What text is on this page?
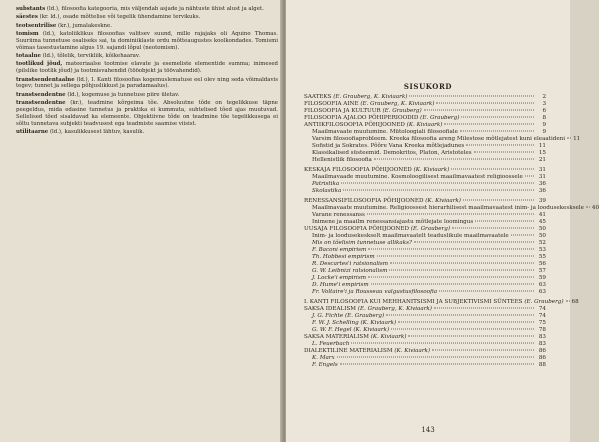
substants (ld.), filosoofia kategooria, mis väljendab asjade ja nähtuste ühist alust ja alget.

säestes (kr. ld.), osade mõttelise või tegelik ühendamine tervikuks.

teotsentrilise (kr.), jumalakeskne.

tomism (ld.), katoliiklikus filosoofias valitsev suund, mille rajajaks oli Aquino Thomas. Suuriima tunnetuse osaliseks sai, ta dominiiklaste ordu mõtteaugustes koolkondades. Tomismi võimas tasestustamine algus 19. sajandi lõpul (neotomism).

totaalne (ld.), tõlelik, tervikliik, kõikehaarav.

tootlikud jõud, mateeriaalse tootmise elavate ja esemeliste elementide summa; inimesed (pilslike tootlik jõud) ja tootmisvahendid (tööobjekt ja töövahendid).

transtsendentaalne (ld.), I. Kanti filosoofias kogemuslematuse eel olev ning seda võimaldavis tegev; tunnet ja sellega põhjuslikkust ja paradamaalus).

transtsendentne (ld.), kogemuse ja tunnetuse piire ületav.

transtsendentne (kr.), teadmine kõrgeima tõe. Absoluutne tõde on tegelikkuse täpne peegeldus, mida edasine tunnetus ja praktika ei kummuta, suhtelised tõed ajas muutuvad. Sellelised tõed sisaldavad ka elemeente. Objektiivne tõde on teadmine tõe tegelikkusega ei sõltu tunnetava subjekti teadvusest ega teadmiste saamise viisist.

utilitaarne (ld.), kasulikkusest lähtuv, kasulik.

SISUKORD
SAATEKS (E. Grauberg, K. Kiviaark)	2
FILOSOOFIA AINE (E. Grauberg, K. Kiviaark)	3
FILOSOOFIA JA KULTUUR (E. Grauberg)	6
FILOSOOFIA AJALOO PÕHIPERIOODID (E. Grauberg)	8
ANTIIKFILOSOOFIA PÕHIJOONED (K. Kiviaark)	9
Maailmavaate muutumine. Mütoloogiali filosoofiale	9
Varsim filosoofiaprobleem. Kreeka filosoofia areng Milestose mõtlejatest kuni eleaatideni 11
Sofistid ja Sokrates. Põõre Vana Kreeka mõtlejadunes	11
Klassikalised süsteemid. Demokritos, Platon, Aristoteles	15
Hellenistlik filosoofia	21
KESKAJA FILOSOOFIA PÕHIJOONED (K. Kiviaark)	31
Maailmavaade muutumine. Kosmoloogilisest maailmavaatest religioossele	31
Patristika	36
Skolastika	36
RENESSANSIFILOSOOFIA PÕHIJOONED (K. Kiviaark)	39
Maailmavaate muutumine. Religioossest hierarhilisest maailmavaatest inim- ja loodusekesksele 40
Varane renessanss	41
Inimene ja maailm renessansiajastu mõtlejate loomingus	45
UUSAJA FILOSOOFIA PÕHIJOONED (E. Grauberg)	50
Inim- ja loodusekeskselt maailmavaatelt teaduslikule maailmavaatele	50
Mis on tõelisim tunnetuse allikaks?	52
F. Baconi empirism	53
Th. Hobbesi empirism	55
R. Descartes'i ratsionalism	56
G. W. Leibnizi ratsionalism	57
J. Locke'i empirism	59
D. Hume'i empirism	63
Fr. Voltaire'i ja Rousseau valgustusfilosoofia	63
I. KANTI FILOSOOFIA KUI MEHHANITSISMI JA SUBJEKTIVISMI SÜNTEES (E. Grauberg) 68
SAKSA IDEALISM (E. Grauberg, K. Kiviaark)	74
J. G. Fichte (E. Grauberg)	74
F. W. J. Schelling (K. Kiviaark)	75
G. W. F. Hegel (K. Kiviaark)	78
SAKSA MATERIALISM (K. Kiviaark)	83
L. Feuerbach	83
DIALEKTILINE MATERIALISM (K. Kiviaark)	86
K. Marx	86
F. Engels	88
143
